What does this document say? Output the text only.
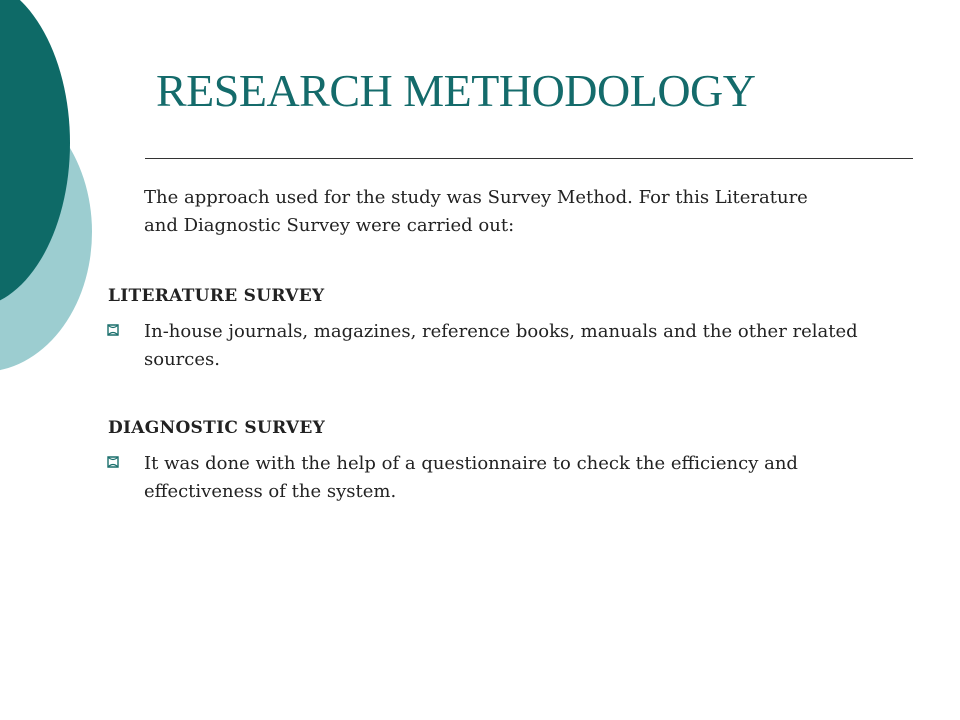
RESEARCH METHODOLOGY

The approach used for the study was Survey Method. For this Literature and Diagnostic Survey were carried out:

LITERATURE SURVEY

In-house journals, magazines, reference books, manuals and the other related sources.

DIAGNOSTIC SURVEY

It was done with the help of a questionnaire to check the efficiency and effectiveness of the system.
